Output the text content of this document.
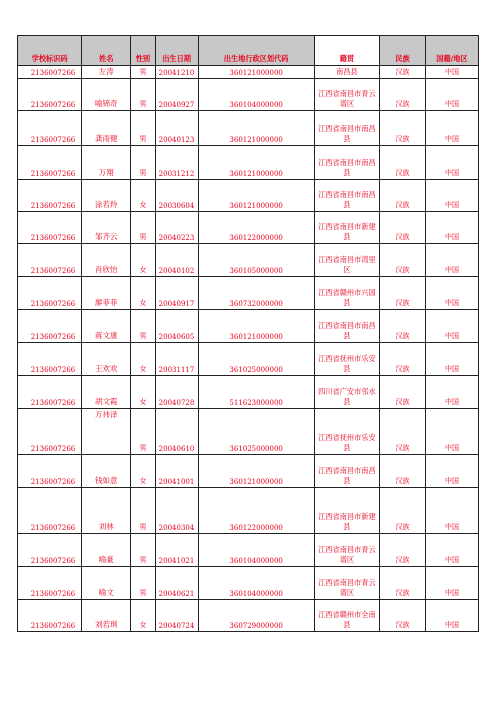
学校标识码	姓名	性别	出生日期	出生地行政区划代码	籍贯	民族	国籍/地区
2136007266	左涛	男	20041210	360121000000	南昌县	汉族	中国
2136007266	喻锦奇	男	20040927	360104000000	江西省南昌市青云谱区	汉族	中国
2136007266	龚雨健	男	20040123	360121000000	江西省南昌市南昌县	汉族	中国
2136007266	万翔	男	20031212	360121000000	江西省南昌市南昌县	汉族	中国
2136007266	涂若羚	女	20030604	360121000000	江西省南昌市南昌县	汉族	中国
2136007266	邹齐云	男	20040223	360122000000	江西省南昌市新建县	汉族	中国
2136007266	肖欣怡	女	20040102	360105000000	江西省南昌市湾里区	汉族	中国
2136007266	廖菲菲	女	20040917	360732000000	江西省赣州市兴国县	汉族	中国
2136007266	蒋文康	男	20040605	360121000000	江西省南昌市南昌县	汉族	中国
2136007266	王欢欢	女	20031117	361025000000	江西省抚州市乐安县	汉族	中国
2136007266	胡文霞	女	20040728	511623000000	四川省广安市邻水县	汉族	中国
2136007266	万祎泽	男	20040610	361025000000	江西省抚州市乐安县	汉族	中国
2136007266	钱如意	女	20041001	360121000000	江西省南昌市南昌县	汉族	中国
2136007266	刘林	男	20040304	360122000000	江西省南昌市新建县	汉族	中国
2136007266	喻豪	男	20041021	360104000000	江西省南昌市青云谱区	汉族	中国
2136007266	喻文	男	20040621	360104000000	江西省南昌市青云谱区	汉族	中国
2136007266	刘若琪	女	20040724	360729000000	江西省赣州市全南县	汉族	中国
